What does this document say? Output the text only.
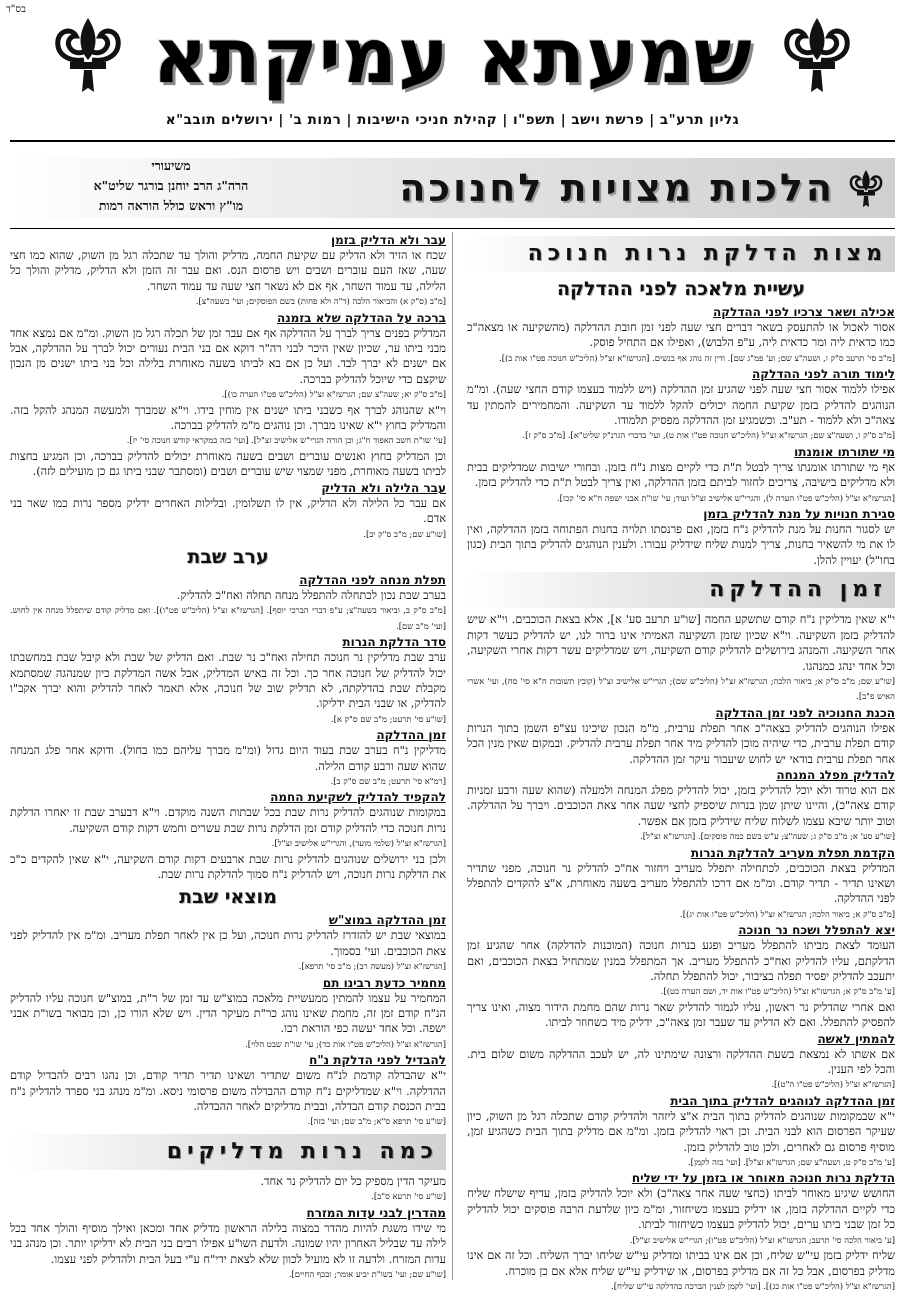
בס"ד
שמעתא עמיקתא
גליון תרע"ב | פרשת וישב | תשפ"ו | קהילת חניכי הישיבות | רמות ב' | ירושלים תובב"א
הלכות מצויות לחנוכה
משיעורי
הרה"ג הרב יוחנן בורגר שליט"א
מו"ץ וראש כולל הוראה רמות
מצות הדלקת נרות חנוכה
עשיית מלאכה לפני ההדלקה

אכילה ושאר צרכיו לפני ההדלקה

אסור לאכול או להתעסק בשאר דברים חצי שעה לפני זמן חובת ההדלקה (מהשקיעה או מצאה"כ כמו כדאית ליה ומר כדאית ליה, ע"פ הלבוש), ואפילו אם התחיל פוסק.

[מ"ב סי' תרעב ס"ק ו, ושעה"צ שם; וע' פמ"ג שם]. ודין זה נוהג אף בנשים. [הגרשז"א זצ"ל (הליכ"ש חנוכה פט"ו אות כ)].

לימוד תורה לפני ההדלקה

אפילו ללמוד אסור חצי שעה לפני שהגיע זמן ההדלקה (ויש ללמוד בעצמו קודם החצי שעה). ומ"מ הנוהגים להדליק בזמן שקיעת החמה יכולים להקל ללמוד עד השקיעה. והמחמירים להמתין עד צאה"כ ולא ללמוד - תע"ב. וכשמגיע זמן ההדלקה מפסיק תלמודו.

[מ"ב ס"ק ו, ושעה"צ שם; הגרשז"א זצ"ל (הליכ"ש חנוכה פט"ו אות ט), ועי' בדברי הגרנ"ק שליט"א]. [מ"ב ס"ק ז].

מי שתורתו אומנתו

אף מי שתורתו אומנתו צריך לבטל ת"ת כדי לקיים מצות נ"ח בזמן. ובחורי ישיבות שמדליקים בבית ולא מדליקים בישיבה, צריכים לחזור לביתם בזמן ההדלקה, ואין צריך לבטל ת"ת כדי להדליק בזמן.

[הגרשז"א זצ"ל (הליכ"ש פט"ו הערה ל), והגרי"ש אלישיב זצ"ל ועוד; עי' שו"ת אבני ישפה ח"א סי' קכז].

סגירת חנויות על מנת להדליק בזמן

יש לסגור החנות על מנת להדליק נ"ח בזמן, ואם פרנסתו תלויה בחנות הפתוחה בזמן ההדלקה, ואין לו את מי להשאיר בחנות, צריך למנות שליח שידליק עבורו. ולענין הנוהגים להדליק בתוך הבית (כגון בחו"ל) יעויין להלן.

זמן ההדלקה

י"א שאין מדליקין נ"ח קודם שתשקע החמה [שו"ע תרעב סע' א], אלא בצאת הכוכבים. וי"א שיש להדליק בזמן השקיעה. וי"א שכיון שזמן השקיעה האמיתי אינו ברור לנו, יש להדליק כעשר דקות אחר השקיעה. והמנהג בירושלים להדליק קודם השקיעה, ויש שמדליקים עשר דקות אחרי השקיעה, וכל אחד ינהג כמנהגו.

[שו"ע שם; מ"ב ס"ק א; ביאור הלכה; הגרשז"א זצ"ל (הליכ"ש שם); הגרי"ש אלישיב זצ"ל (קובץ תשובות ח"א סי' סח), ועי' אשרי האיש פ"ב].

הכנת החנוכיה לפני זמן ההדלקה

אפילו הנוהגים להדליק בצאה"כ אחר תפלת ערבית, מ"מ הנכון שיכינו עצ"פ השמן בתוך הנרות קודם תפלת ערבית, כדי שיהיה מוכן להדליק מיד אחר תפלת ערבית להדליק. ובמקום שאין מנין הכל אחר תפלת ערבית בודאי יש לחוש שיעבור עיקר זמן ההדלקה.

להדליק מפלג המנחה

אם הוא טרוד ולא יוכל להדליק בזמן, יכול להדליק מפלג המנחה ולמעלה (שהוא שעה ורבע זמניות קודם צאה"כ), והיינו שיתן שמן בנרות שיספיק לחצי שעה אחר צאת הכוכבים. ויברך על ההדלקה. וטוב יותר שיבא עצמו לשלוח שליח שידליק בזמן אם אפשר.

[שו"ע סע' א; מ"ב ס"ק ג; שעה"צ; ע"ש בשם כמה פוסקים]. [הגרשז"א זצ"ל].

הקדמת תפלת מעריב להדלקת הנרות

המדליק בצאת הכוכבים, לכתחילה יתפלל מעריב ויחזור אח"כ להדליק נר חנוכה, מפני שתדיר ושאינו תדיר - תדיר קודם. ומ"מ אם דרכו להתפלל מעריב בשעה מאוחרת, א"צ להקדים להתפלל לפני ההדלקה.

[מ"ב ס"ק א; ביאור הלכה; הגרשז"א זצ"ל (הליכ"ש פט"ו אות יג)].

יצא להתפלל ושכח נר חנוכה

העומד לצאת מביתו להתפלל מעריב ופגע בנרות חנוכה (המוכנות להדלקה) אחר שהגיע זמן הדלקתם, עליו להדליק ואח"כ להתפלל מעריב. אך המתפלל במנין שמתחיל בצאת הכוכבים, ואם יתעכב להדליק יפסיד תפלה בציבור, יכול להתפלל תחלה.

[ע' מ"ב ס"ק א; הגרשז"א זצ"ל (הליכ"ש פט"ו אות יד, ושם הערה כט)].

ואם אחרי שהדליק נר ראשון, עליו לגמור להדליק שאר נרות שהם מחמת הידור מצוה, ואינו צריך להפסיק להתפלל. ואם לא הדליק עד שעבר זמן צאה"כ, ידליק מיד כשחוזר לביתו.

להמתין לאשה

אם אשתו לא נמצאת בשעת ההדלקה ורצונה שימתינו לה, יש לעכב ההדלקה משום שלום בית. והכל לפי הענין.

[הגרשז"א זצ"ל (הליכ"ש פט"ו ה"ט)].

זמן ההדלקה לנוהגים להדליק בתוך הבית

י"א שבמקומות שנוהגים להדליק בתוך הבית א"צ ליזהר ולהדליק קודם שתכלה רגל מן השוק, כיון שעיקר הפרסום הוא לבני הבית. וכן ראוי להדליק בזמן. ומ"מ אם מדליק בתוך הבית כשהגיע זמן, מוסיף פרסום גם לאחרים, ולכן טוב להדליק בזמן.

[ע' מ"ב ס"ק ט, ושעה"צ שם; הגרשז"א זצ"ל]. [ועי' בזה לקמן].

הדלקת נרות חנוכה מאוחר או בזמן על ידי שליח

החושש שיגיע מאוחר לביתו (כחצי שעה אחר צאה"כ) ולא יוכל להדליק בזמן, עדיף שישלח שליח כדי לקיים ההדלקה בזמן, או ידליק בעצמו כשיחזור, ומ"מ כיון שלדעת הרבה פוסקים יכול להדליק כל זמן שבני ביתו ערים, יכול להדליק בעצמו כשיחזור לביתו.

[ע' ביאור הלכה סי' תרעב; הגרשז"א זצ"ל (הליכ"ש פט"ו); הגרי"ש אלישיב זצ"ל].

שליח ידליק בזמן עי"ש שליח, וכן אם אינו בביתו ומדליק עי"ש שליחו יברך השליח. וכל זה אם אינו מדליק בפרסום, אבל כל זה אם מדליק בפרסום, או שידליק עי"ש שליח אלא אם כן מוכרח.

[הגרשז"א זצ"ל (הליכ"ש פט"ו אות כג)]. [ועי' לקמן לענין הברכה בהדלקה עי"ש שליח].

עבר ולא הדליק בזמן

שכח או הזיד ולא הדליק עם שקיעת החמה, מדליק והולך עד שתכלה רגל מן השוק, שהוא כמו חצי שעה, שאז העם עוברים ושבים ויש פרסום הנס. ואם עבר זה הזמן ולא הדליק, מדליק והולך כל הלילה, עד עמוד השחר, אף אם לא נשאר חצי שעה עד עמוד השחר.

[מ"ב (ס"ק א) והביאור הלכה (ד"ה ולא פחות) בשם הפוסקים; ועי' בשעה"צ].

ברכה על ההדלקה שלא בזמנה

המדליק בפנים צריך לברך על ההדלקה אף אם עבר זמן של תכלה רגל מן השוק. ומ"מ אם נמצא אחד מבני ביתו ער, שכיון שאין היכר לבני רה"ר דוקא אם בני הבית נעורים יכול לברך על ההדלקה, אבל אם ישנים לא יברך לבד. ועל כן אם בא לביתו בשעה מאוחרת בלילה וכל בני ביתו ישנים מן הנכון שיקצם כדי שיוכל להדליק בברכה.

[מ"ב ס"ק יא; שעה"צ שם; הגרשז"א זצ"ל (הליכ"ש פט"ו הערה כו)].

וי"א שהנוהג לברך אף כשבני ביתו ישנים אין מוחין בידו. וי"א שמברך ולמעשה המנהג להקל בזה. והמדליק בחוץ י"א שאינו מברך. וכן נוהגים מ"מ להדליק בברכה.

[עי' שו"ת חשב האפוד ח"ג; וכן הורה הגרי"ש אלישיב זצ"ל]. [ועי' בזה במקראי קודש חנוכה סי' יז].

וכן המדליק בחוץ ואנשים עוברים ושבים בשעה מאוחרת יכולים להדליק בברכה, וכן המגיע בחצות לביתו בשעה מאוחרת, מפני שמצוי שיש עוברים ושבים (ומסתבר שבני ביתו גם כן מועילים לזה).

עבר הלילה ולא הדליק

אם עבר כל הלילה ולא הדליק, אין לו תשלומין. ובלילות האחרים ידליק מספר נרות כמו שאר בני אדם.

[שו"ע שם; מ"ב ס"ק יב].

ערב שבת

תפלת מנחה לפני ההדלקה

בערב שבת נכון לכתחלה להתפלל מנחה תחלה ואח"כ להדליק.

[מ"ב ס"ק ב, וביאור בשעה"צ; ע"פ דברי הברכי יוסף]. [הגרשז"א זצ"ל (הליכ"ש פט"ו)]. ואם מדליק קודם שיתפלל מנחה אין לחוש. [ועי' מ"ב שם].

סדר הדלקת הנרות

ערב שבת מדליקין נר חנוכה תחילה ואח"כ נר שבת. ואם הדליק של שבת ולא קיבל שבת במחשבתו יכול להדליק של חנוכה אחר כך. וכל זה באיש המדליק, אבל אשה המדלקת כיון שמנהגה שמסתמא מקבלת שבת בהדלקתה, לא תדליק שוב של חנוכה, אלא תאמר לאחר להדליק והוא יברך אקב"ו להדליק, או שבני הבית ידליקו.

[שו"ע סי' תרעט; מ"ב שם ס"ק א].

זמן ההדלקה

מדליקין נ"ח בערב שבת בעוד היום גדול (ומ"מ מברך עליהם כמו בחול). ודוקא אחר פלג המנחה שהוא שעה ורבע קודם הלילה.

[רמ"א סי' תרעט; מ"ב שם ס"ק ב].

להקפיד להדליק לשקיעת החמה

במקומות שנוהגים להדליק נרות שבת בכל שבתות השנה מוקדם. וי"א דבערב שבת זו יאחרו הדלקת נרות חנוכה כדי להדליק קודם זמן הדלקת נרות שבת עשרים וחמש דקות קודם השקיעה.

[הגרשז"א זצ"ל (שלמי מועד), והגרי"ש אלישיב זצ"ל].

ולכן בני ירושלים שנוהגים להדליק נרות שבת ארבעים דקות קודם השקיעה, י"א שאין להקדים כ"כ את הדלקת נרות חנוכה, ויש להדליק נ"ח סמוך להדלקת נרות שבת.

מוצאי שבת

זמן ההדלקה במוצ"ש

במוצאי שבת יש להזדרז להדליק נרות חנוכה, ועל כן אין לאחר תפלת מעריב. ומ"מ אין להדליק לפני צאת הכוכבים. ועי' בסמוך.

[הגרשז"א זצ"ל (מעשה רב); מ"ב סי' תרפא].

מחמיר כדעת רבינו תם

המחמיר על עצמו להמתין ממעשיית מלאכה במוצ"ש עד זמן של ר"ת, במוצ"ש חנוכה עליו להדליק הנ"ח קודם זמן זה, מחמת שאינו נוהג כר"ת מעיקר הדין. ויש שלא הורו כן, וכן מבואר בשו"ת אבני ישפה. וכל אחד יעשה כפי הוראת רבו.

[הגרשז"א זצ"ל (הליכ"ש פט"ו אות כד); עי' שו"ת שבט הלוי].

להבדיל לפני הדלקת נ"ח

י"א שהבדלה קודמת לנ"ח משום שתדיר ושאינו תדיר תדיר קודם, וכן נהגו רבים להבדיל קודם ההדלקה. וי"א שמדליקים נ"ח קודם ההבדלה משום פרסומי ניסא. ומ"מ מנהג בני ספרד להדליק נ"ח בבית הכנסת קודם הבדלה, ובבית מדליקים לאחר ההבדלה.

[שו"ע סי' תרפא ס"א; מ"ב שם; ועי' בזה].

כמה נרות מדליקים

מעיקר הדין מספיק כל יום להדליק נר אחד.

[שו"ע סי' תרעא ס"ב].

מהדרין לבני עדות המזרח

מי שידו משגת להיות מהדר במצוה בלילה הראשון מדליק אחד ומכאן ואילך מוסיף והולך אחד בכל לילה עד שבליל האחרון יהיו שמונה. ולדעת השו"ע אפילו רבים בני הבית לא ידליקו יותר. וכן מנהג בני עדות המזרח. ולדעה זו לא מועיל לכוון שלא לצאת ידי"ח ע"י בעל הבית ולהדליק לפני עצמו.

[שו"ע שם; ועי' בשו"ת יביע אומר; ובכף החיים].
